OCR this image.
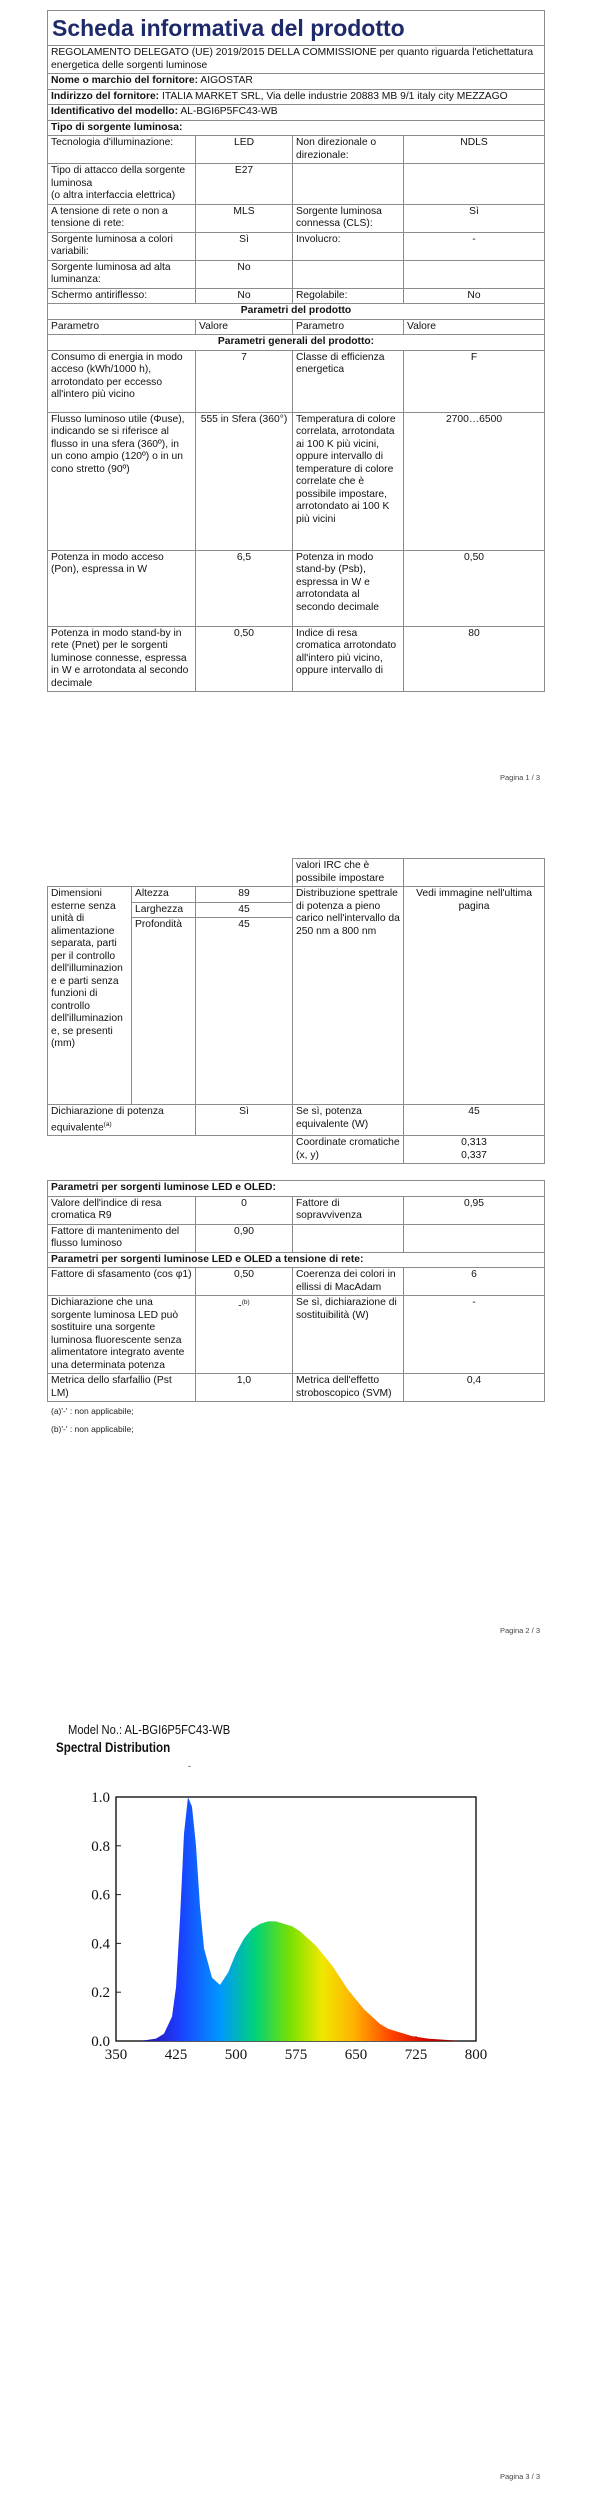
Scheda informativa del prodotto			
REGOLAMENTO DELEGATO (UE) 2019/2015 DELLA COMMISSIONE per quanto riguarda l'etichettatura energetica delle sorgenti luminose			
Nome o marchio del fornitore: AIGOSTAR			
Indirizzo del fornitore: ITALIA MARKET SRL, Via delle industrie 20883 MB 9/1 italy city MEZZAGO			
Identificativo del modello: AL-BGI6P5FC43-WB			
Tipo di sorgente luminosa:			
Tecnologia d'illuminazione:	LED	Non direzionale o direzionale:	NDLS
Tipo di attacco della sorgente luminosa
(o altra interfaccia elettrica)	E27		
A tensione di rete o non a tensione di rete:	MLS	Sorgente luminosa connessa (CLS):	Sì
Sorgente luminosa a colori variabili:	Sì	Involucro:	-
Sorgente luminosa ad alta luminanza:	No		
Schermo antiriflesso:	No	Regolabile:	No
Parametri del prodotto			
Parametro	Valore	Parametro	Valore
Parametri generali del prodotto:			
Consumo di energia in modo acceso (kWh/1000 h), arrotondato per eccesso all'intero più vicino	7	Classe di efficienza energetica	F
Flusso luminoso utile (Φuse), indicando se si riferisce al flusso in una sfera (360º), in un cono ampio (120º) o in un cono stretto (90º)	555 in Sfera (360°)	Temperatura di colore correlata, arrotondata ai 100 K più vicini, oppure intervallo di temperature di colore correlate che è possibile impostare, arrotondato ai 100 K più vicini	2700…6500
Potenza in modo acceso (Pon), espressa in W	6,5	Potenza in modo stand-by (Psb), espressa in W e arrotondata al secondo decimale	0,50
Potenza in modo stand-by in rete (Pnet) per le sorgenti luminose connesse, espressa in W e arrotondata al secondo decimale	0,50	Indice di resa cromatica arrotondato all'intero più vicino, oppure intervallo di	80
Pagina 1 / 3
			valori IRC che è possibile impostare	
Dimensioni esterne senza unità di alimentazione separata, parti per il controllo dell'illuminazione e parti senza funzioni di controllo dell'illuminazione, se presenti (mm)	Altezza	89	Distribuzione spettrale di potenza a pieno carico nell'intervallo da 250 nm a 800 nm	Vedi immagine nell'ultima pagina
	Larghezza	45		
	Profondità	45		

Dichiarazione di potenza equivalente$^{(a)}$		Sì	Se sì, potenza equivalente (W)	45
			Coordinate cromatiche (x, y)	0,313
0,337
Parametri per sorgenti luminose LED e OLED:			
Valore dell'indice di resa cromatica R9	0	Fattore di sopravvivenza	0,95
Fattore di mantenimento del flusso luminoso	0,90		
Parametri per sorgenti luminose LED e OLED a tensione di rete:			
Fattore di sfasamento (cos φ1)	0,50	Coerenza dei colori in ellissi di MacAdam	6
Dichiarazione che una sorgente luminosa LED può sostituire una sorgente luminosa fluorescente senza alimentatore integrato avente una determinata potenza	-$^{(b)}$	Se sì, dichiarazione di sostituibilità (W)	-
Metrica dello sfarfallio (Pst LM)	1,0	Metrica dell'effetto stroboscopico (SVM)	0,4
(a)'-' : non applicabile;
(b)'-' : non applicabile;
Pagina 2 / 3
Model No.: AL-BGI6P5FC43-WB
Spectral Distribution
-
0.0
0.2
0.4
0.6
0.8
1.0
350	425	500	575	650	725	800
Pagina 3 / 3
